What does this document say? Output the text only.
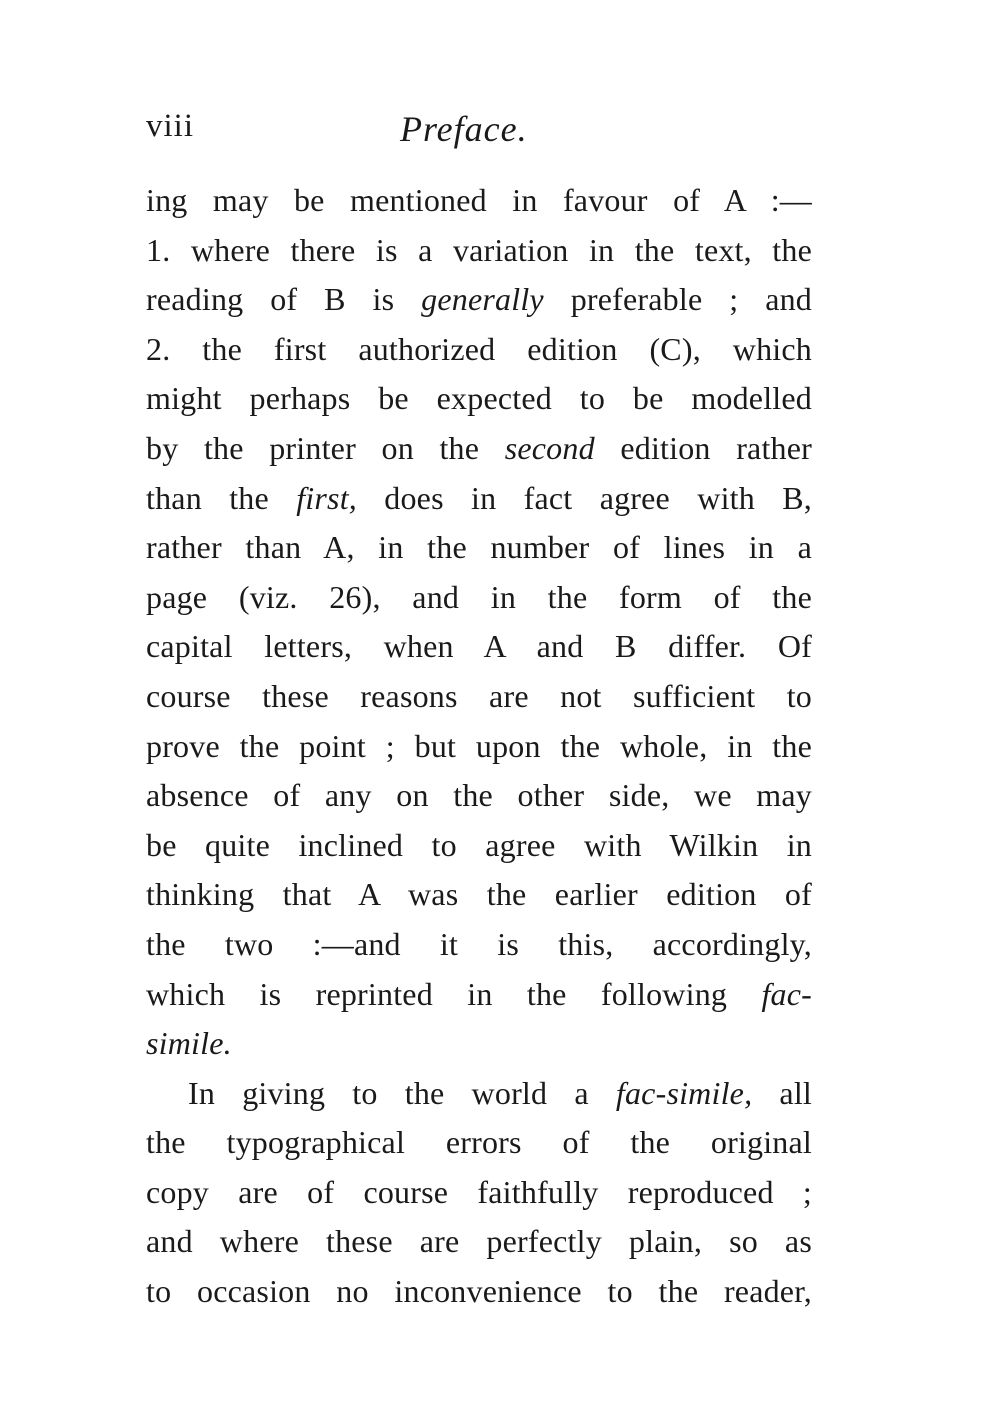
viii	Preface.
ing may be mentioned in favour of A :—
1. where there is a variation in the text, the
reading of B is generally preferable ; and
2. the first authorized edition (C), which
might perhaps be expected to be modelled
by the printer on the second edition rather
than the first, does in fact agree with B,
rather than A, in the number of lines in a
page (viz. 26), and in the form of the
capital letters, when A and B differ. Of
course these reasons are not sufficient to
prove the point ; but upon the whole, in the
absence of any on the other side, we may
be quite inclined to agree with Wilkin in
thinking that A was the earlier edition of
the two :—and it is this, accordingly,
which is reprinted in the following fac-
simile.
In giving to the world a fac-simile, all
the typographical errors of the original
copy are of course faithfully reproduced ;
and where these are perfectly plain, so as
to occasion no inconvenience to the reader,
